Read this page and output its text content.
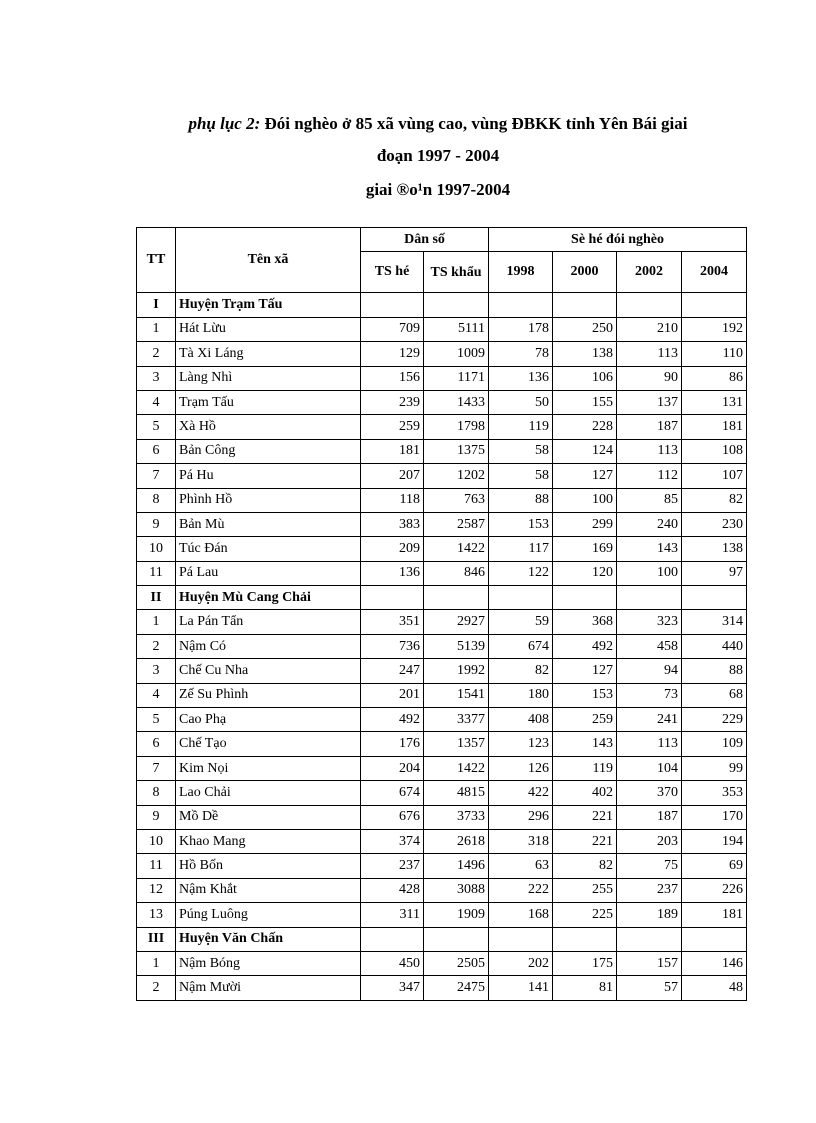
phụ lục 2: Đói nghèo ở 85 xã vùng cao, vùng ĐBKK tỉnh Yên Bái giai
đoạn 1997 - 2004
giai ®o¹n 1997-2004
TT	Tên xã	Dân số		Sè hé đói nghèo			
		TS hé	TS khẩu	1998	2000	2002	2004
I	Huyện Trạm Tấu						
1	Hát Lừu	709	5111	178	250	210	192
2	Tà Xi Láng	129	1009	78	138	113	110
3	Làng Nhì	156	1171	136	106	90	86
4	Trạm Tấu	239	1433	50	155	137	131
5	Xà Hồ	259	1798	119	228	187	181
6	Bản Công	181	1375	58	124	113	108
7	Pá Hu	207	1202	58	127	112	107
8	Phình Hồ	118	763	88	100	85	82
9	Bản Mù	383	2587	153	299	240	230
10	Túc Đán	209	1422	117	169	143	138
11	Pá Lau	136	846	122	120	100	97
II	Huyện Mù Cang Chải						
1	La Pán Tẩn	351	2927	59	368	323	314
2	Nậm Có	736	5139	674	492	458	440
3	Chế Cu Nha	247	1992	82	127	94	88
4	Zế Su Phình	201	1541	180	153	73	68
5	Cao Phạ	492	3377	408	259	241	229
6	Chế Tạo	176	1357	123	143	113	109
7	Kim Nọi	204	1422	126	119	104	99
8	Lao Chải	674	4815	422	402	370	353
9	Mồ Dề	676	3733	296	221	187	170
10	Khao Mang	374	2618	318	221	203	194
11	Hồ Bốn	237	1496	63	82	75	69
12	Nậm Khắt	428	3088	222	255	237	226
13	Púng Luông	311	1909	168	225	189	181
III	Huyện Văn Chấn						
1	Nậm Bóng	450	2505	202	175	157	146
2	Nậm Mười	347	2475	141	81	57	48
